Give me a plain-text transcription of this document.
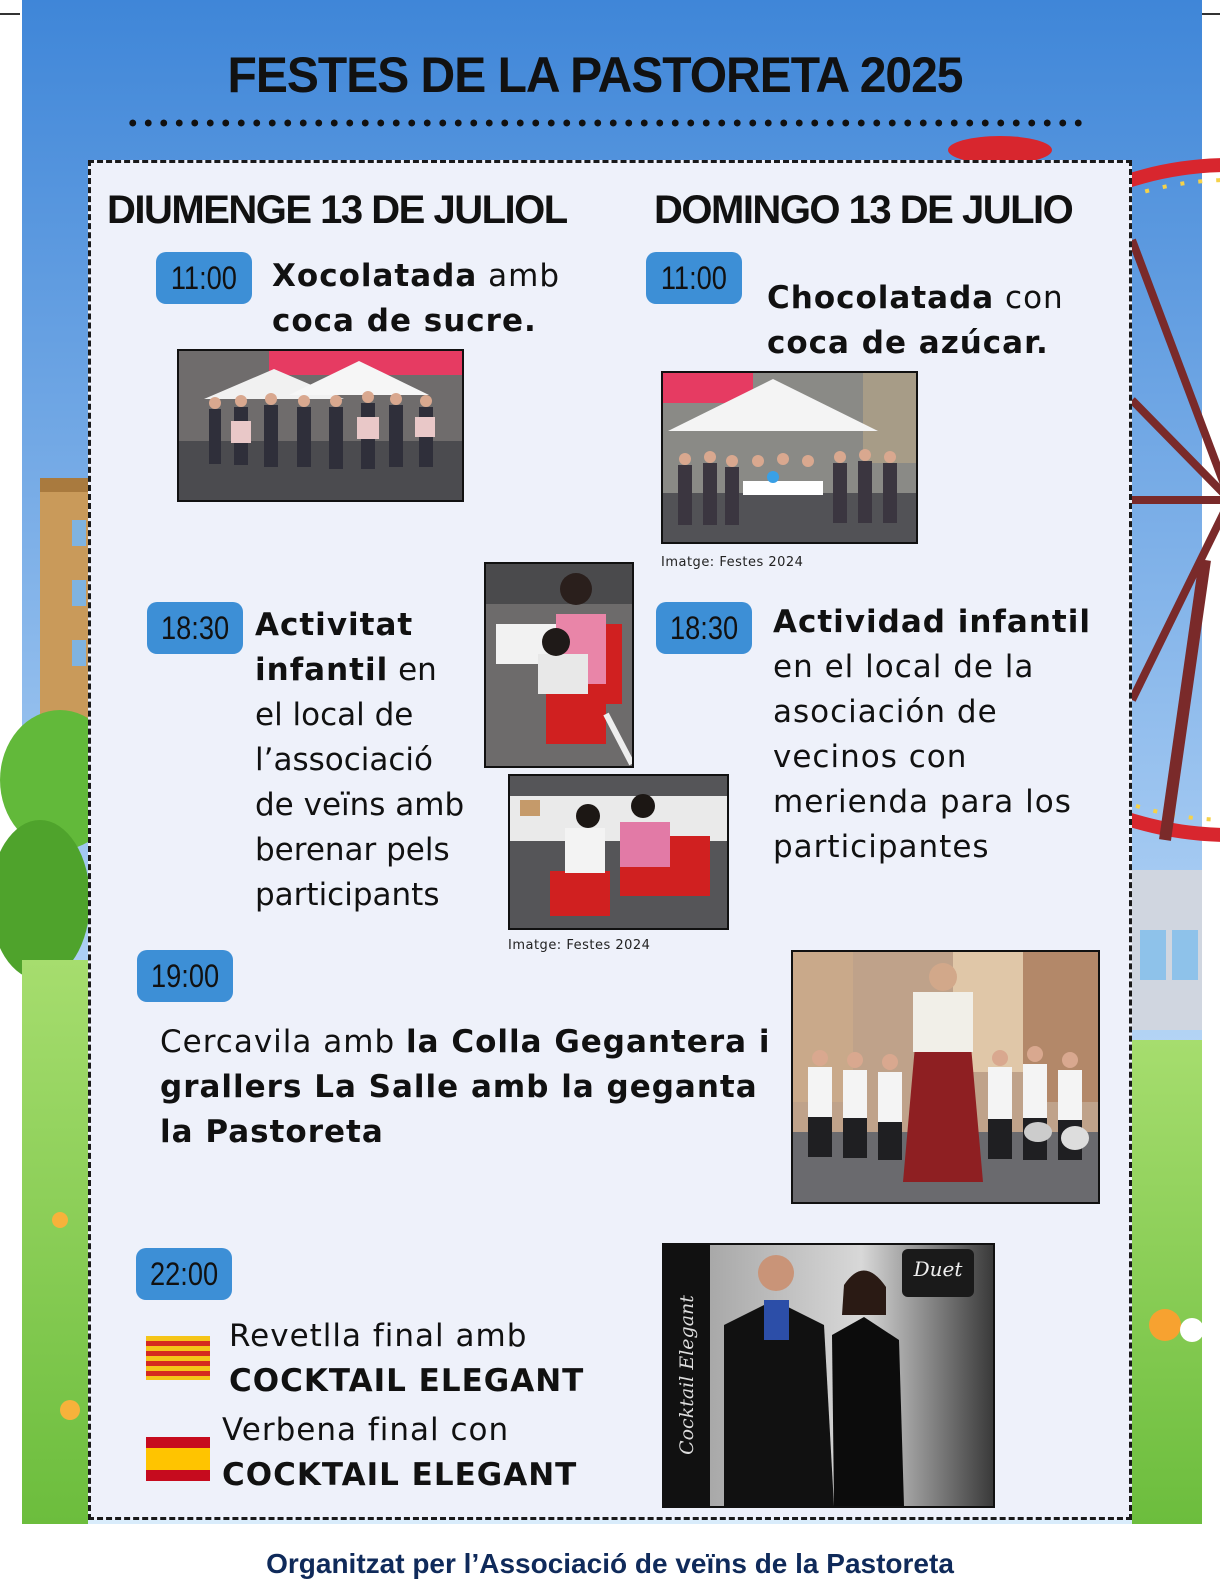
FESTES DE LA PASTORETA 2025
DIUMENGE 13 DE JULIOL DOMINGO 13 DE JULIO
11:00	Xocolatada amb
coca de sucre.
11:00
Chocolatada con
coca de azúcar.
Imatge: Festes 2024
18:30 Activitat infantil en el local de l’associació de veïns amb berenar pels participants
Imatge: Festes 2024
18:30	Actividad infantil en el local de la asociación de vecinos con merienda para los participantes
19:00
Cercavila amb la Colla Gegantera i grallers La Salle amb la geganta la Pastoreta
22:00
Revetlla final amb
COCKTAIL ELEGANT
Verbena final con
COCKTAIL ELEGANT
Cocktail Elegant
Duet
Organitzat per l’Associació de veïns de la Pastoreta
